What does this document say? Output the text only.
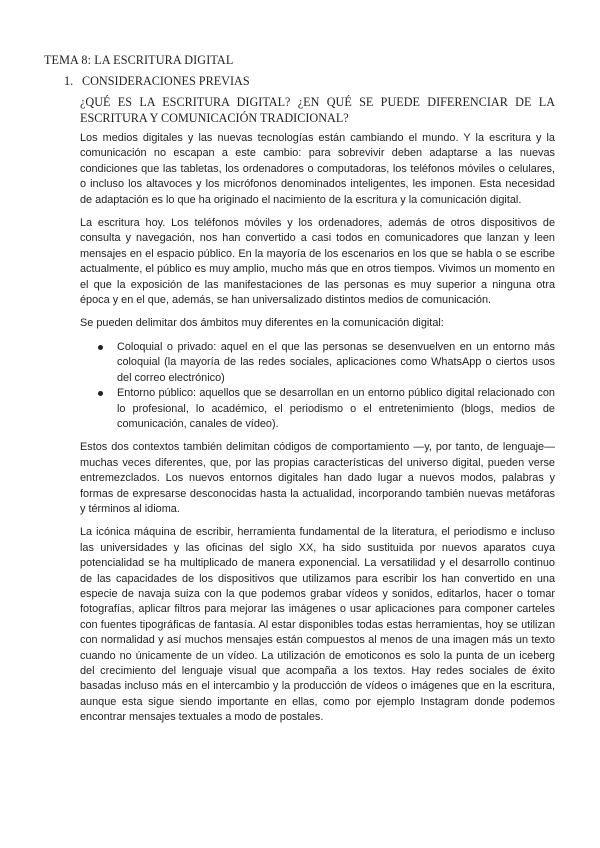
TEMA 8: LA ESCRITURA DIGITAL
1. CONSIDERACIONES PREVIAS
¿QUÉ ES LA ESCRITURA DIGITAL? ¿EN QUÉ SE PUEDE DIFERENCIAR DE LA ESCRITURA Y COMUNICACIÓN TRADICIONAL?

Los medios digitales y las nuevas tecnologías están cambiando el mundo. Y la escritura y la comunicación no escapan a este cambio: para sobrevivir deben adaptarse a las nuevas condiciones que las tabletas, los ordenadores o computadoras, los teléfonos móviles o celulares, o incluso los altavoces y los micrófonos denominados inteligentes, les imponen. Esta necesidad de adaptación es lo que ha originado el nacimiento de la escritura y la comunicación digital.

La escritura hoy. Los teléfonos móviles y los ordenadores, además de otros dispositivos de consulta y navegación, nos han convertido a casi todos en comunicadores que lanzan y leen mensajes en el espacio público. En la mayoría de los escenarios en los que se habla o se escribe actualmente, el público es muy amplio, mucho más que en otros tiempos. Vivimos un momento en el que la exposición de las manifestaciones de las personas es muy superior a ninguna otra época y en el que, además, se han universalizado distintos medios de comunicación.

Se pueden delimitar dos ámbitos muy diferentes en la comunicación digital:

Coloquial o privado: aquel en el que las personas se desenvuelven en un entorno más coloquial (la mayoría de las redes sociales, aplicaciones como WhatsApp o ciertos usos del correo electrónico)
Entorno público: aquellos que se desarrollan en un entorno público digital relacionado con lo profesional, lo académico, el periodismo o el entretenimiento (blogs, medios de comunicación, canales de vídeo).

Estos dos contextos también delimitan códigos de comportamiento —y, por tanto, de lenguaje— muchas veces diferentes, que, por las propias características del universo digital, pueden verse entremezclados. Los nuevos entornos digitales han dado lugar a nuevos modos, palabras y formas de expresarse desconocidas hasta la actualidad, incorporando también nuevas metáforas y términos al idioma.

La icónica máquina de escribir, herramienta fundamental de la literatura, el periodismo e incluso las universidades y las oficinas del siglo XX, ha sido sustituida por nuevos aparatos cuya potencialidad se ha multiplicado de manera exponencial. La versatilidad y el desarrollo continuo de las capacidades de los dispositivos que utilizamos para escribir los han convertido en una especie de navaja suiza con la que podemos grabar vídeos y sonidos, editarlos, hacer o tomar fotografías, aplicar filtros para mejorar las imágenes o usar aplicaciones para componer carteles con fuentes tipográficas de fantasía. Al estar disponibles todas estas herramientas, hoy se utilizan con normalidad y así muchos mensajes están compuestos al menos de una imagen más un texto cuando no únicamente de un vídeo. La utilización de emoticonos es solo la punta de un iceberg del crecimiento del lenguaje visual que acompaña a los textos. Hay redes sociales de éxito basadas incluso más en el intercambio y la producción de vídeos o imágenes que en la escritura, aunque esta sigue siendo importante en ellas, como por ejemplo Instagram donde podemos encontrar mensajes textuales a modo de postales.
